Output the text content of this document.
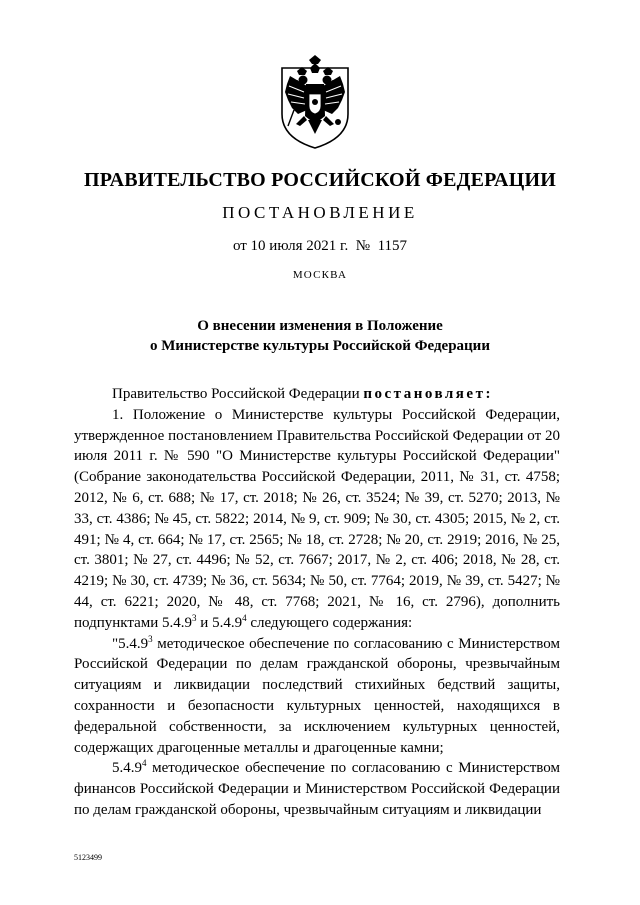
ПРАВИТЕЛЬСТВО РОССИЙСКОЙ ФЕДЕРАЦИИ
ПОСТАНОВЛЕНИЕ
от 10 июля 2021 г.  №  1157
МОСКВА
О внесении изменения в Положение
о Министерстве культуры Российской Федерации

Правительство Российской Федерации постановляет:

1. Положение о Министерстве культуры Российской Федерации, утвержденное постановлением Правительства Российской Федерации от 20 июля 2011 г. № 590 "О Министерстве культуры Российской Федерации" (Собрание законодательства Российской Федерации, 2011, № 31, ст. 4758; 2012, № 6, ст. 688; № 17, ст. 2018; № 26, ст. 3524; № 39, ст. 5270; 2013, № 33, ст. 4386; № 45, ст. 5822; 2014, № 9, ст. 909; № 30, ст. 4305; 2015, № 2, ст. 491; № 4, ст. 664; № 17, ст. 2565; № 18, ст. 2728; № 20, ст. 2919; 2016, № 25, ст. 3801; № 27, ст. 4496; № 52, ст. 7667; 2017, № 2, ст. 406; 2018, № 28, ст. 4219; № 30, ст. 4739; № 36, ст. 5634; № 50, ст. 7764; 2019, № 39, ст. 5427; № 44, ст. 6221; 2020, № 48, ст. 7768; 2021, № 16, ст. 2796), дополнить подпунктами 5.4.9$^3$ и 5.4.9$^4$ следующего содержания:

"5.4.9$^3$ методическое обеспечение по согласованию с Министерством Российской Федерации по делам гражданской обороны, чрезвычайным ситуациям и ликвидации последствий стихийных бедствий защиты, сохранности и безопасности культурных ценностей, находящихся в федеральной собственности, за исключением культурных ценностей, содержащих драгоценные металлы и драгоценные камни;

5.4.9$^4$ методическое обеспечение по согласованию с Министерством финансов Российской Федерации и Министерством Российской Федерации по делам гражданской обороны, чрезвычайным ситуациям и ликвидации

5123499
